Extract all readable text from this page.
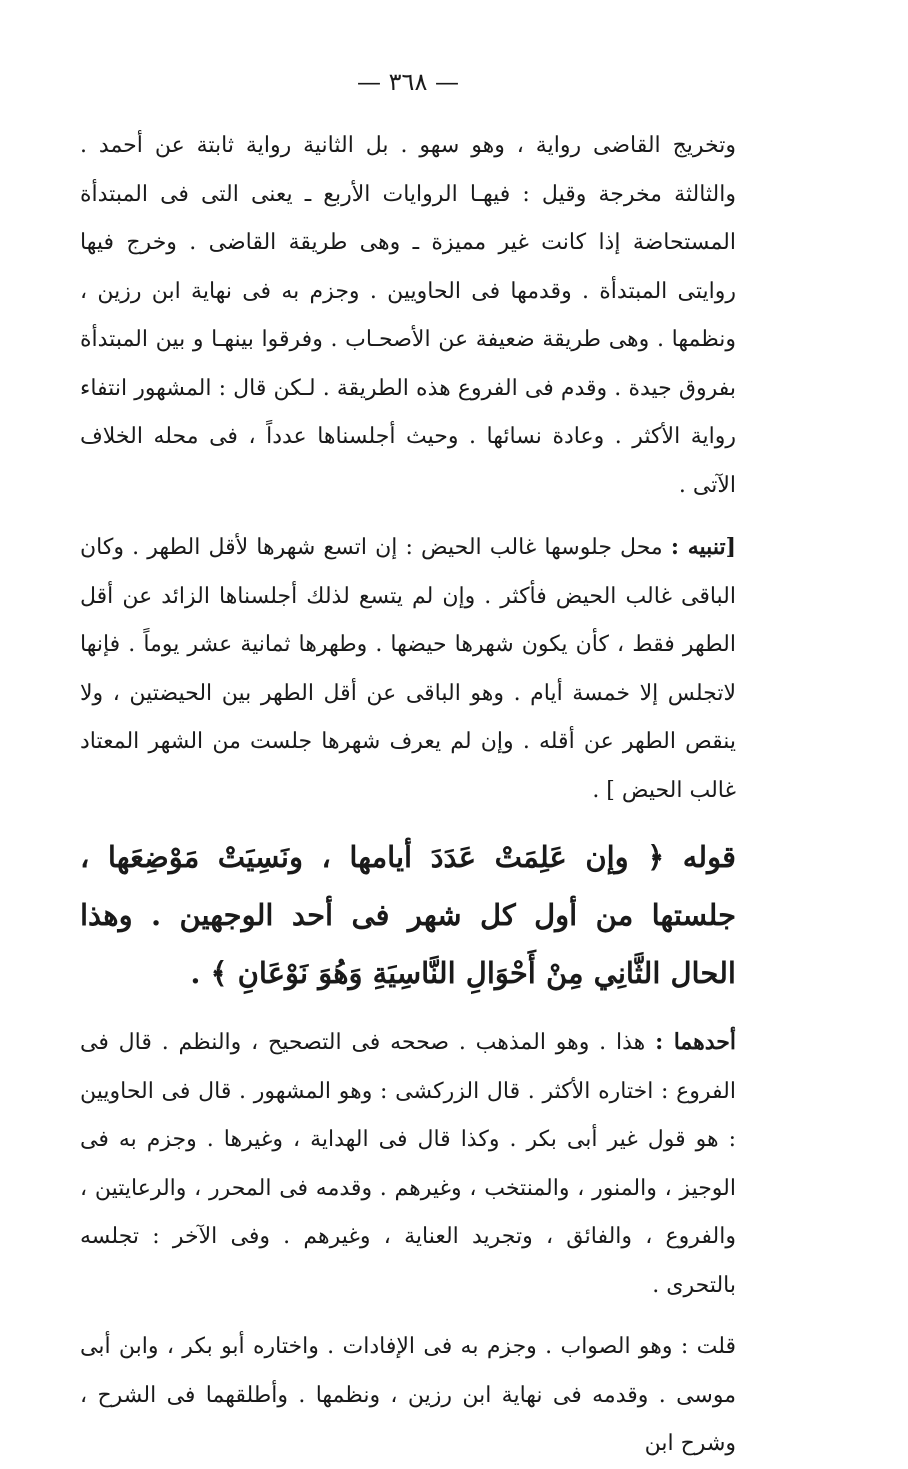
— ٣٦٨ —

وتخريج القاضى رواية ، وهو سهو . بل الثانية رواية ثابتة عن أحمد . والثالثة مخرجة وقيل : فيهـا الروايات الأربع ـ يعنى التى فى المبتدأة المستحاضة إذا كانت غير مميزة ـ وهى طريقة القاضى . وخرج فيها روايتى المبتدأة . وقدمها فى الحاويين . وجزم به فى نهاية ابن رزين ، ونظمها . وهى طريقة ضعيفة عن الأصحـاب . وفرقوا بينهـا و بين المبتدأة بفروق جيدة . وقدم فى الفروع هذه الطريقة . لـكن قال : المشهور انتفاء رواية الأكثر . وعادة نسائها . وحيث أجلسناها عدداً ، فى محله الخلاف الآتى .

[تنبيه : محل جلوسها غالب الحيض : إن اتسع شهرها لأقل الطهر . وكان الباقى غالب الحيض فأكثر . وإن لم يتسع لذلك أجلسناها الزائد عن أقل الطهر فقط ، كأن يكون شهرها حيضها . وطهرها ثمانية عشر يوماً . فإنها لاتجلس إلا خمسة أيام . وهو الباقى عن أقل الطهر بين الحيضتين ، ولا ينقص الطهر عن أقله . وإن لم يعرف شهرها جلست من الشهر المعتاد غالب الحيض ] .

قوله ﴿ وإن عَلِمَتْ عَدَدَ أيامها ، ونَسِيَتْ مَوْضِعَها ، جلستها من أول كل شهر فى أحد الوجهين . وهذا الحال الثَّانِي مِنْ أَحْوَالِ النَّاسِيَةِ وَهُوَ نَوْعَانِ ﴾ .

أحدهما : هذا . وهو المذهب . صححه فى التصحيح ، والنظم . قال فى الفروع : اختاره الأكثر . قال الزركشى : وهو المشهور . قال فى الحاويين : هو قول غير أبى بكر . وكذا قال فى الهداية ، وغيرها . وجزم به فى الوجيز ، والمنور ، والمنتخب ، وغيرهم . وقدمه فى المحرر ، والرعايتين ، والفروع ، والفائق ، وتجريد العناية ، وغيرهم . وفى الآخر : تجلسه بالتحرى .

قلت : وهو الصواب . وجزم به فى الإفادات . واختاره أبو بكر ، وابن أبى موسى . وقدمه فى نهاية ابن رزين ، ونظمها . وأطلقهما فى الشرح ، وشرح ابن
